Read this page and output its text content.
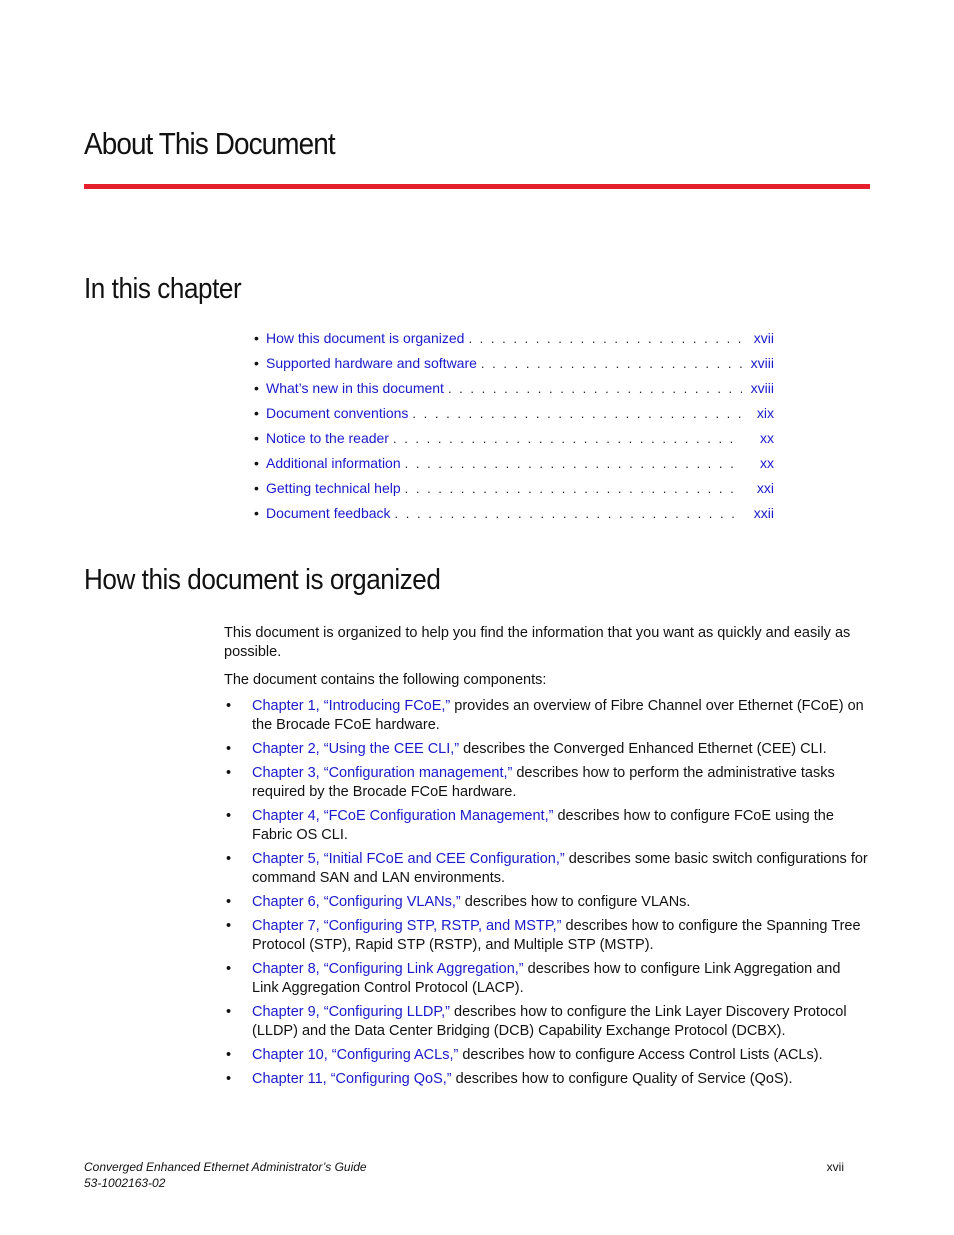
About This Document
In this chapter
• How this document is organized . . .	xvii
• Supported hardware and software . . .	xviii
• What’s new in this document . . .	xviii
• Document conventions . . .	xix
• Notice to the reader . . .	xx
• Additional information . . .	xx
• Getting technical help . . .	xxi
• Document feedback . . .	xxii
How this document is organized

This document is organized to help you find the information that you want as quickly and easily as possible.

The document contains the following components:

• Chapter 1, “Introducing FCoE,” provides an overview of Fibre Channel over Ethernet (FCoE) on the Brocade FCoE hardware.
• Chapter 2, “Using the CEE CLI,” describes the Converged Enhanced Ethernet (CEE) CLI.
• Chapter 3, “Configuration management,” describes how to perform the administrative tasks required by the Brocade FCoE hardware.
• Chapter 4, “FCoE Configuration Management,” describes how to configure FCoE using the Fabric OS CLI.
• Chapter 5, “Initial FCoE and CEE Configuration,” describes some basic switch configurations for command SAN and LAN environments.
• Chapter 6, “Configuring VLANs,” describes how to configure VLANs.
• Chapter 7, “Configuring STP, RSTP, and MSTP,” describes how to configure the Spanning Tree Protocol (STP), Rapid STP (RSTP), and Multiple STP (MSTP).
• Chapter 8, “Configuring Link Aggregation,” describes how to configure Link Aggregation and Link Aggregation Control Protocol (LACP).
• Chapter 9, “Configuring LLDP,” describes how to configure the Link Layer Discovery Protocol (LLDP) and the Data Center Bridging (DCB) Capability Exchange Protocol (DCBX).
• Chapter 10, “Configuring ACLs,” describes how to configure Access Control Lists (ACLs).
• Chapter 11, “Configuring QoS,” describes how to configure Quality of Service (QoS).
Converged Enhanced Ethernet Administrator’s Guide
53-1002163-02
xvii
